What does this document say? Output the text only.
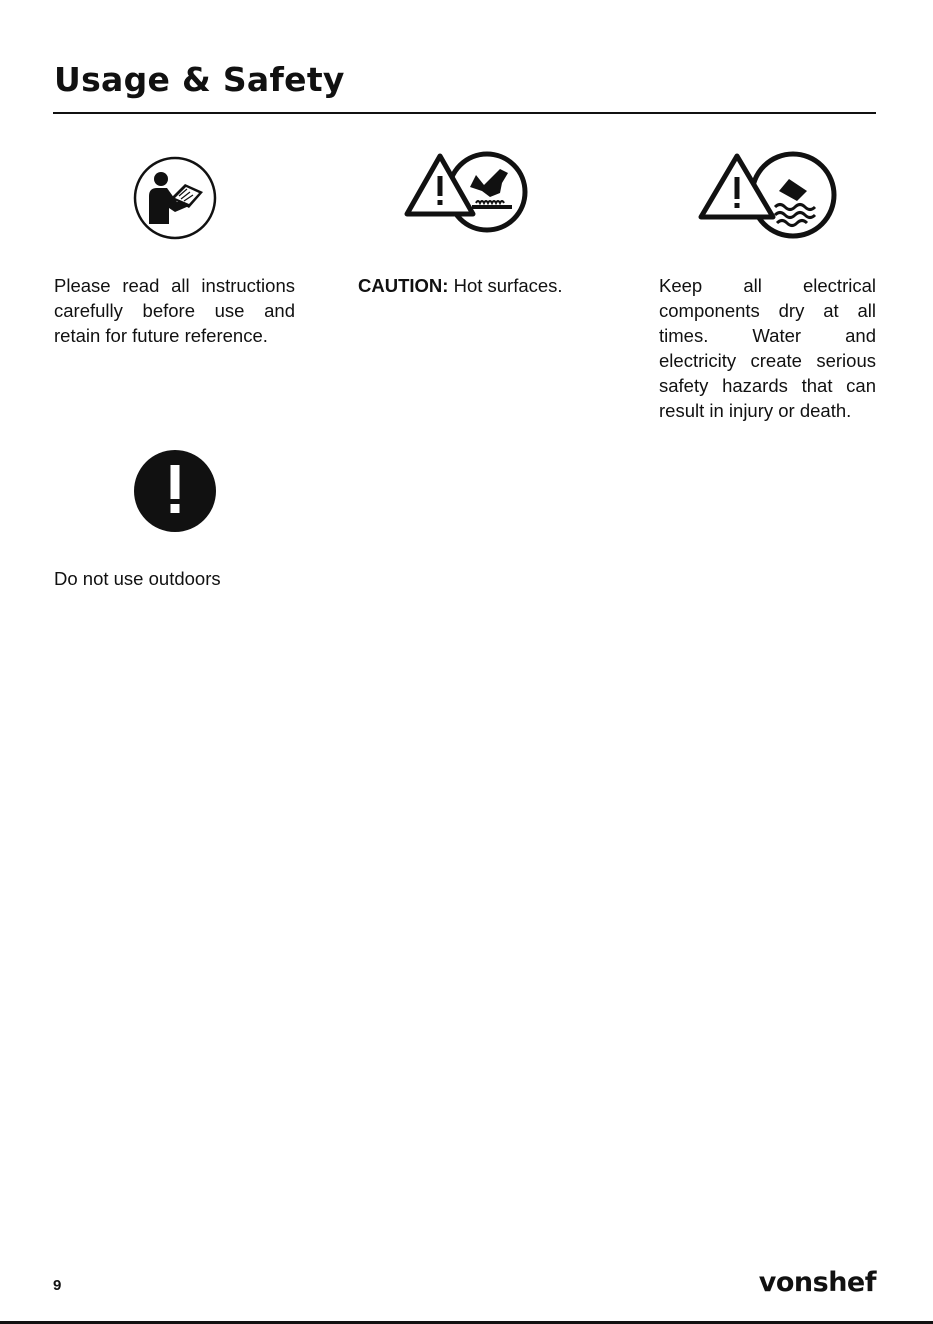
Usage & Safety
Please read all instructions carefully before use and retain for future reference.
CAUTION: Hot surfaces.	Keep all electrical components dry at all times. Water and electricity create serious safety hazards that can result in injury or death.
Do not use outdoors
9	vonshef
